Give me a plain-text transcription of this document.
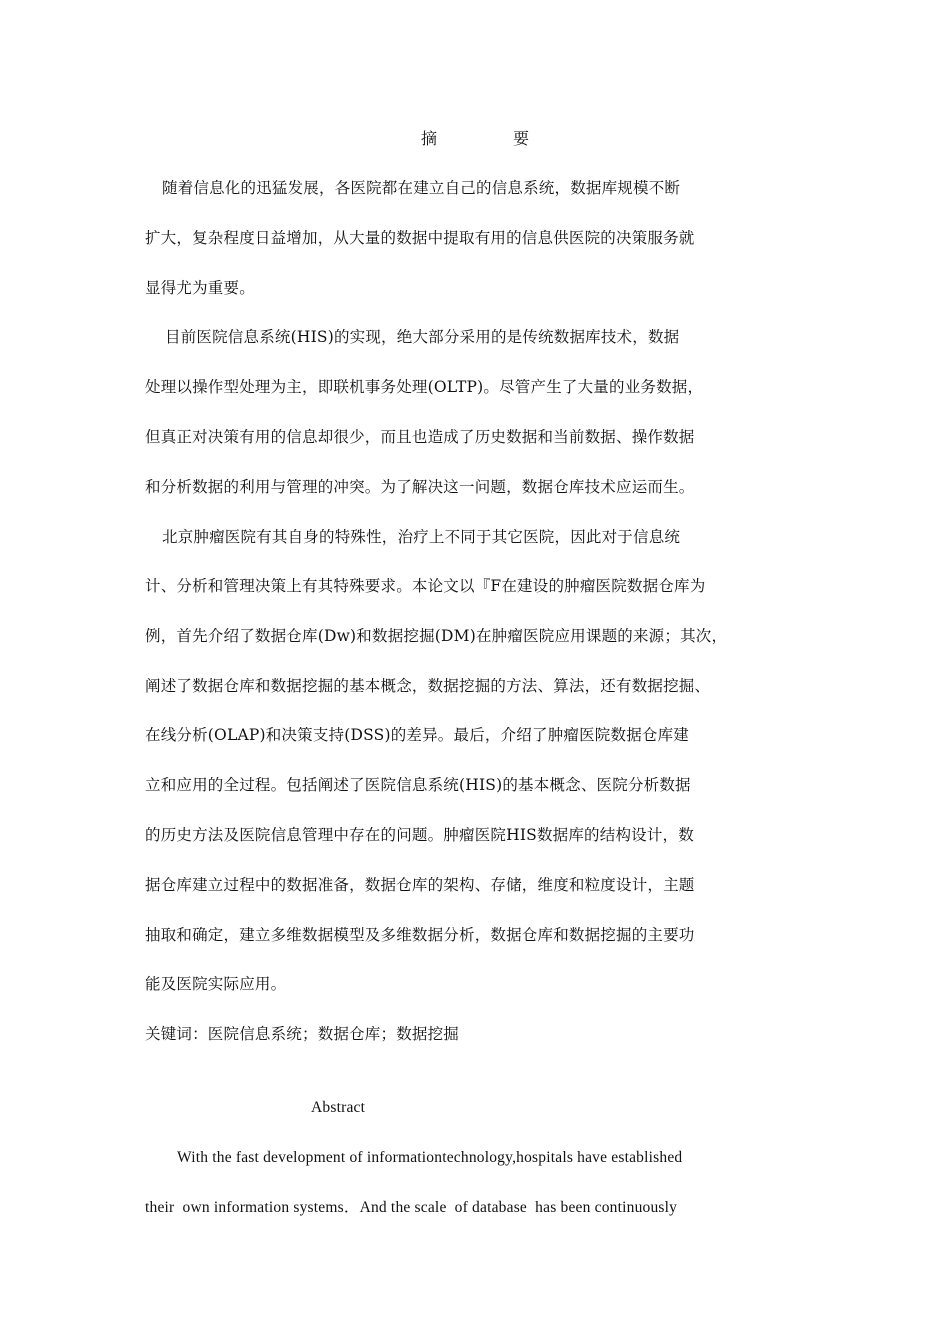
摘	要
随着信息化的迅猛发展，各医院都在建立自己的信息系统，数据库规模不断
扩大，复杂程度日益增加，从大量的数据中提取有用的信息供医院的决策服务就
显得尤为重要。
目前医院信息系统(HIS)的实现，绝大部分采用的是传统数据库技术，数据
处理以操作型处理为主，即联机事务处理(OLTP)。尽管产生了大量的业务数据，
但真正对决策有用的信息却很少，而且也造成了历史数据和当前数据、操作数据
和分析数据的利用与管理的冲突。为了解决这一问题，数据仓库技术应运而生。
北京肿瘤医院有其自身的特殊性，治疗上不同于其它医院，因此对于信息统
计、分析和管理决策上有其特殊要求。本论文以『F在建设的肿瘤医院数据仓库为
例，首先介绍了数据仓库(Dw)和数据挖掘(DM)在肿瘤医院应用课题的来源；其次，
阐述了数据仓库和数据挖掘的基本概念，数据挖掘的方法、算法，还有数据挖掘、
在线分析(OLAP)和决策支持(DSS)的差异。最后，介绍了肿瘤医院数据仓库建
立和应用的全过程。包括阐述了医院信息系统(HIS)的基本概念、医院分析数据
的历史方法及医院信息管理中存在的问题。肿瘤医院HIS数据库的结构设计，数
据仓库建立过程中的数据准备，数据仓库的架构、存储，维度和粒度设计，主题
抽取和确定，建立多维数据模型及多维数据分析，数据仓库和数据挖掘的主要功
能及医院实际应用。
关键词：医院信息系统；数据仓库；数据挖掘
Abstract
With the fast development of informationtechnology,hospitals have established
their  own information systems．And the scale  of database  has been continuously
